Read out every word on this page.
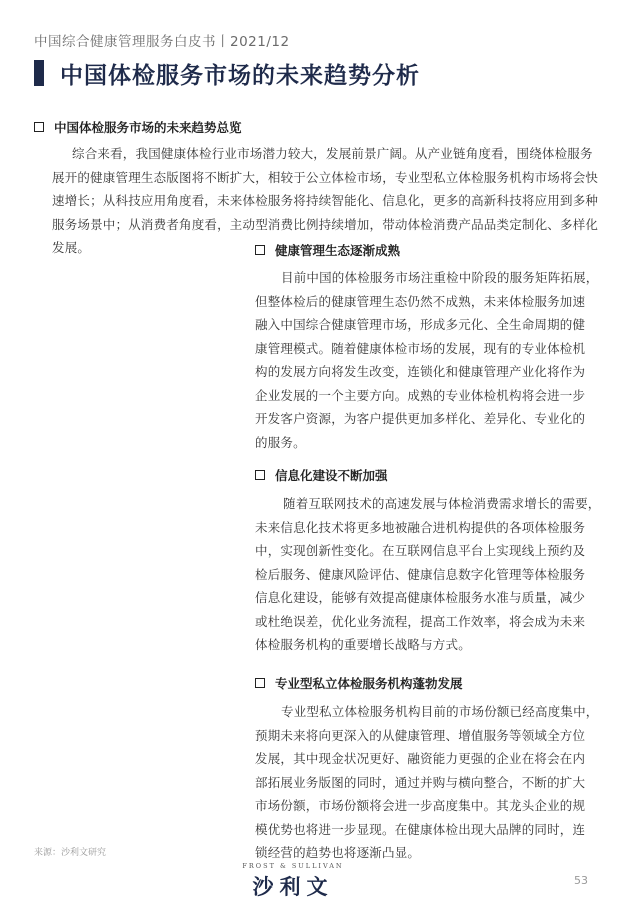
中国综合健康管理服务白皮书丨2021/12
中国体检服务市场的未来趋势分析
中国体检服务市场的未来趋势总览
综合来看，我国健康体检行业市场潜力较大，发展前景广阔。从产业链角度看，围绕体检服务
展开的健康管理生态版图将不断扩大，相较于公立体检市场，专业型私立体检服务机构市场将会快
速增长；从科技应用角度看，未来体检服务将持续智能化、信息化，更多的高新科技将应用到多种
服务场景中；从消费者角度看，主动型消费比例持续增加，带动体检消费产品品类定制化、多样化
发展。	健康管理生态逐渐成熟
目前中国的体检服务市场注重检中阶段的服务矩阵拓展，
但整体检后的健康管理生态仍然不成熟，未来体检服务加速
融入中国综合健康管理市场，形成多元化、全生命周期的健
康管理模式。随着健康体检市场的发展，现有的专业体检机
构的发展方向将发生改变，连锁化和健康管理产业化将作为
企业发展的一个主要方向。成熟的专业体检机构将会进一步
开发客户资源，为客户提供更加多样化、差异化、专业化的
的服务。
信息化建设不断加强
随着互联网技术的高速发展与体检消费需求增长的需要，
未来信息化技术将更多地被融合进机构提供的各项体检服务
中，实现创新性变化。在互联网信息平台上实现线上预约及
检后服务、健康风险评估、健康信息数字化管理等体检服务
信息化建设，能够有效提高健康体检服务水准与质量，减少
或杜绝误差，优化业务流程，提高工作效率，将会成为未来
体检服务机构的重要增长战略与方式。
专业型私立体检服务机构蓬勃发展
专业型私立体检服务机构目前的市场份额已经高度集中，
预期未来将向更深入的从健康管理、增值服务等领域全方位
发展，其中现金状况更好、融资能力更强的企业在将会在内
部拓展业务版图的同时，通过并购与横向整合，不断的扩大
市场份额，市场份额将会进一步高度集中。其龙头企业的规
模优势也将进一步显现。在健康体检出现大品牌的同时，连
锁经营的趋势也将逐渐凸显。
来源：沙利文研究
FROST & SULLIVAN
沙利文	53
